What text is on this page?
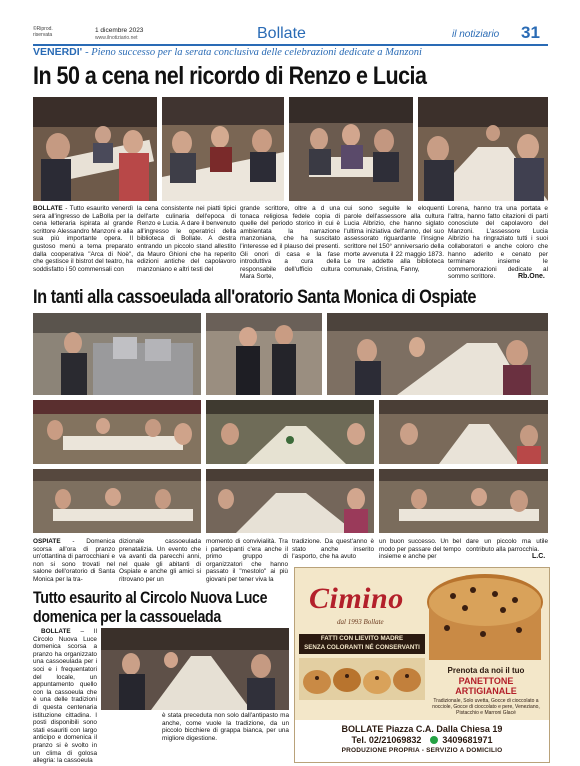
©Riprod.
riservata
1 dicembre 2023
www.ilnotiziario.net	Bollate	il notiziario 31
VENERDI' - Pieno successo per la serata conclusiva delle celebrazioni dedicate a Manzoni
In 50 a cena nel ricordo di Renzo e Lucia
BOLLATE - Tutto esaurito venerdì sera all'ingresso de LaBolla per la cena letteraria ispirata al grande scrittore Alessandro Manzoni e alla sua più importante opera. Il gustoso menù a tema preparato dalla cooperativa "Arca di Noè", che gestisce il bistrot del teatro, ha soddisfatto i 50 commensali con
la cena consistente nei piatti tipici dell'arte culinaria dell'epoca di Renzo e Lucia. A dare il benvenuto all'ingresso le operatrici della biblioteca di Bollate. A destra entrando un piccolo stand allestito da Mauro Ghioni che ha reperito edizioni antiche del capolavoro manzoniano e altri testi del
grande scrittore, oltre a d una tonaca religiosa fedele copia di quelle del periodo storico in cui è ambientata la narrazione manzoniana, che ha suscitato l'interesse ed il plauso dei presenti. Gli onori di casa e la fase introduttiva a cura della responsabile dell'ufficio cultura Mara Sorte,
cui sono seguite le eloquenti parole dell'assessore alla cultura Lucia Albrizio, che hanno siglato l'ultima iniziativa dell'anno, del suo assessorato riguardante l'insigne scrittore nel 150° anniversario della morte avvenuta il 22 maggio 1873. Le tre addette alla biblioteca comunale, Cristina, Fanny,
Lorena, hanno tra una portata e l'altra, hanno fatto citazioni di parti conosciute del capolavoro del Manzoni. L'assessore Lucia Albrizio ha ringraziato tutti i suoi collaboratori e anche coloro che hanno aderito e cenato per terminare insieme le commemorazioni dedicate al sommo scrittore.	Rb.One.
In tanti alla cassoeulada all'oratorio Santa Monica di Ospiate
OSPIATE - Domenica scorsa all'ora di pranzo un'ottantina di parrocchiani e non si sono trovati nel salone dell'oratorio di Santa Monica per la tra-
dizionale cassoeulada prenatalizia. Un evento che va avanti da parecchi anni, nel quale gli abitanti di Ospiate e anche gli amici si ritrovano per un
momento di convivialità. Tra i partecipanti c'era anche il primo gruppo di organizzatori che hanno passato il "mestolo" ai più giovani per tener viva la
tradizione. Da quest'anno è stato anche inserito l'asporto, che ha avuto
un buon successo. Un bel modo per passare del tempo insieme e anche per
dare un piccolo ma utile contributo alla parrocchia.
L.C.
Tutto esaurito al Circolo Nuova Luce
domenica per la cassouelada
BOLLATE – Il Circolo Nuova Luce domenica scorsa a pranzo ha organizzato una cassoeulada per i soci e i frequentatori del locale, un appuntamento quello con la cassoeula che è una delle tradizioni di questa centenaria istituzione cittadina. I posti disponibili sono stati esauriti con largo anticipo e domenica il pranzo si è svolto in un clima di golosa allegria: la cassoeula
è stata preceduta non solo dall'antipasto ma anche, come vuole la tradizione, da un piccolo bicchiere di grappa bianca, per una migliore digestione.
Cimino
dal 1993 Bollate
FATTI CON LIEVITO MADRE
SENZA COLORANTI NÉ CONSERVANTI
Prenota da noi il tuo
PANETTONE ARTIGIANALE
Tradizionale, Solo uvetta, Gocce di cioccolato a nocciole, Gocce di cioccolato e pere, Veneziano, Pistacchio e Marroni Glacé
BOLLATE Piazza C.A. Dalla Chiesa 19
Tel. 02/21069832 3409681971
PRODUZIONE PROPRIA - SERVIZIO A DOMICILIO
